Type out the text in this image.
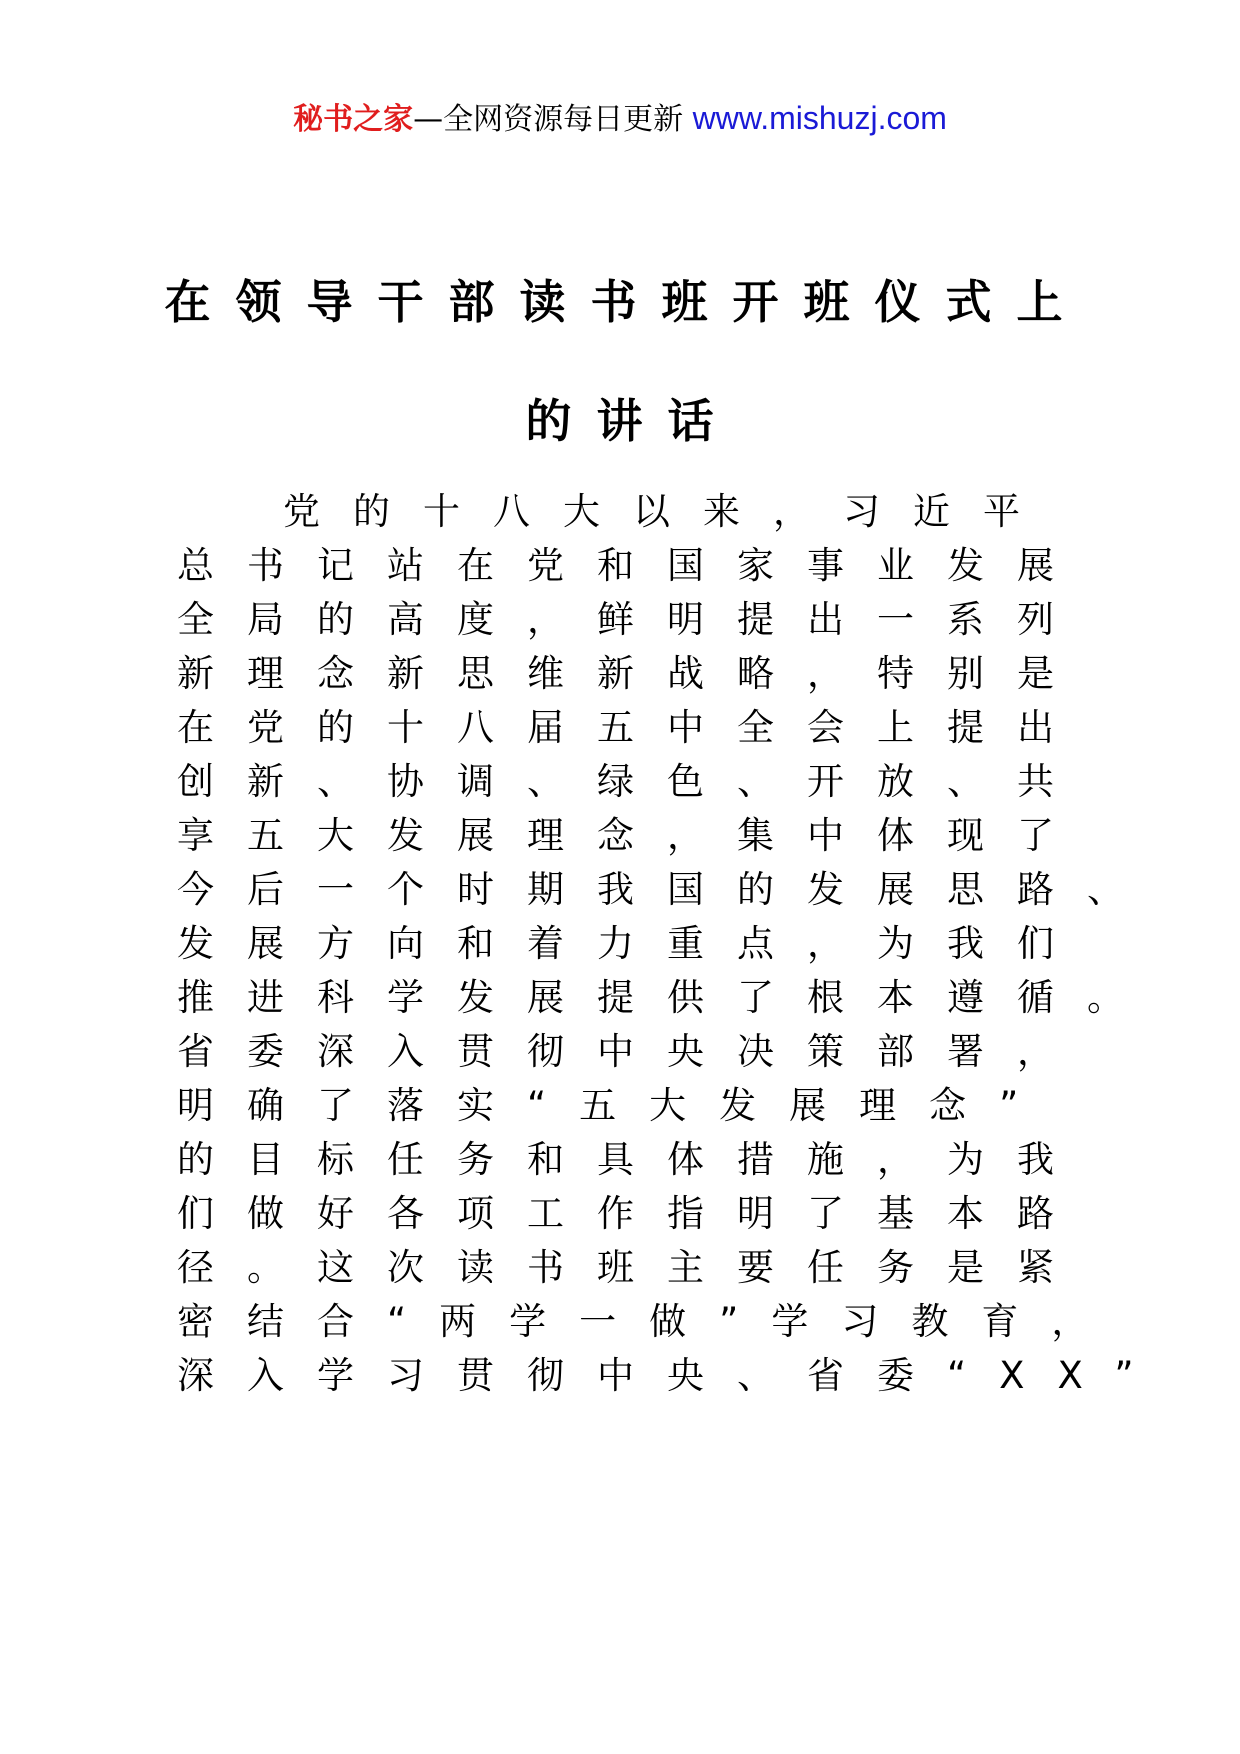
秘书之家—全网资源每日更新 www.mishuzj.com
在领导干部读书班开班仪式上
的讲话
党的十八大以来，习近平
总书记站在党和国家事业发展
全局的高度，鲜明提出一系列
新理念新思维新战略，特别是
在党的十八届五中全会上提出
创新、协调、绿色、开放、共
享五大发展理念，集中体现了
今后一个时期我国的发展思路、
发展方向和着力重点，为我们
推进科学发展提供了根本遵循。
省委深入贯彻中央决策部署，
明确了落实“五大发展理念”
的目标任务和具体措施，为我
们做好各项工作指明了基本路
径。这次读书班主要任务是紧
密结合“两学一做”学习教育，
深入学习贯彻中央、省委“XX”
